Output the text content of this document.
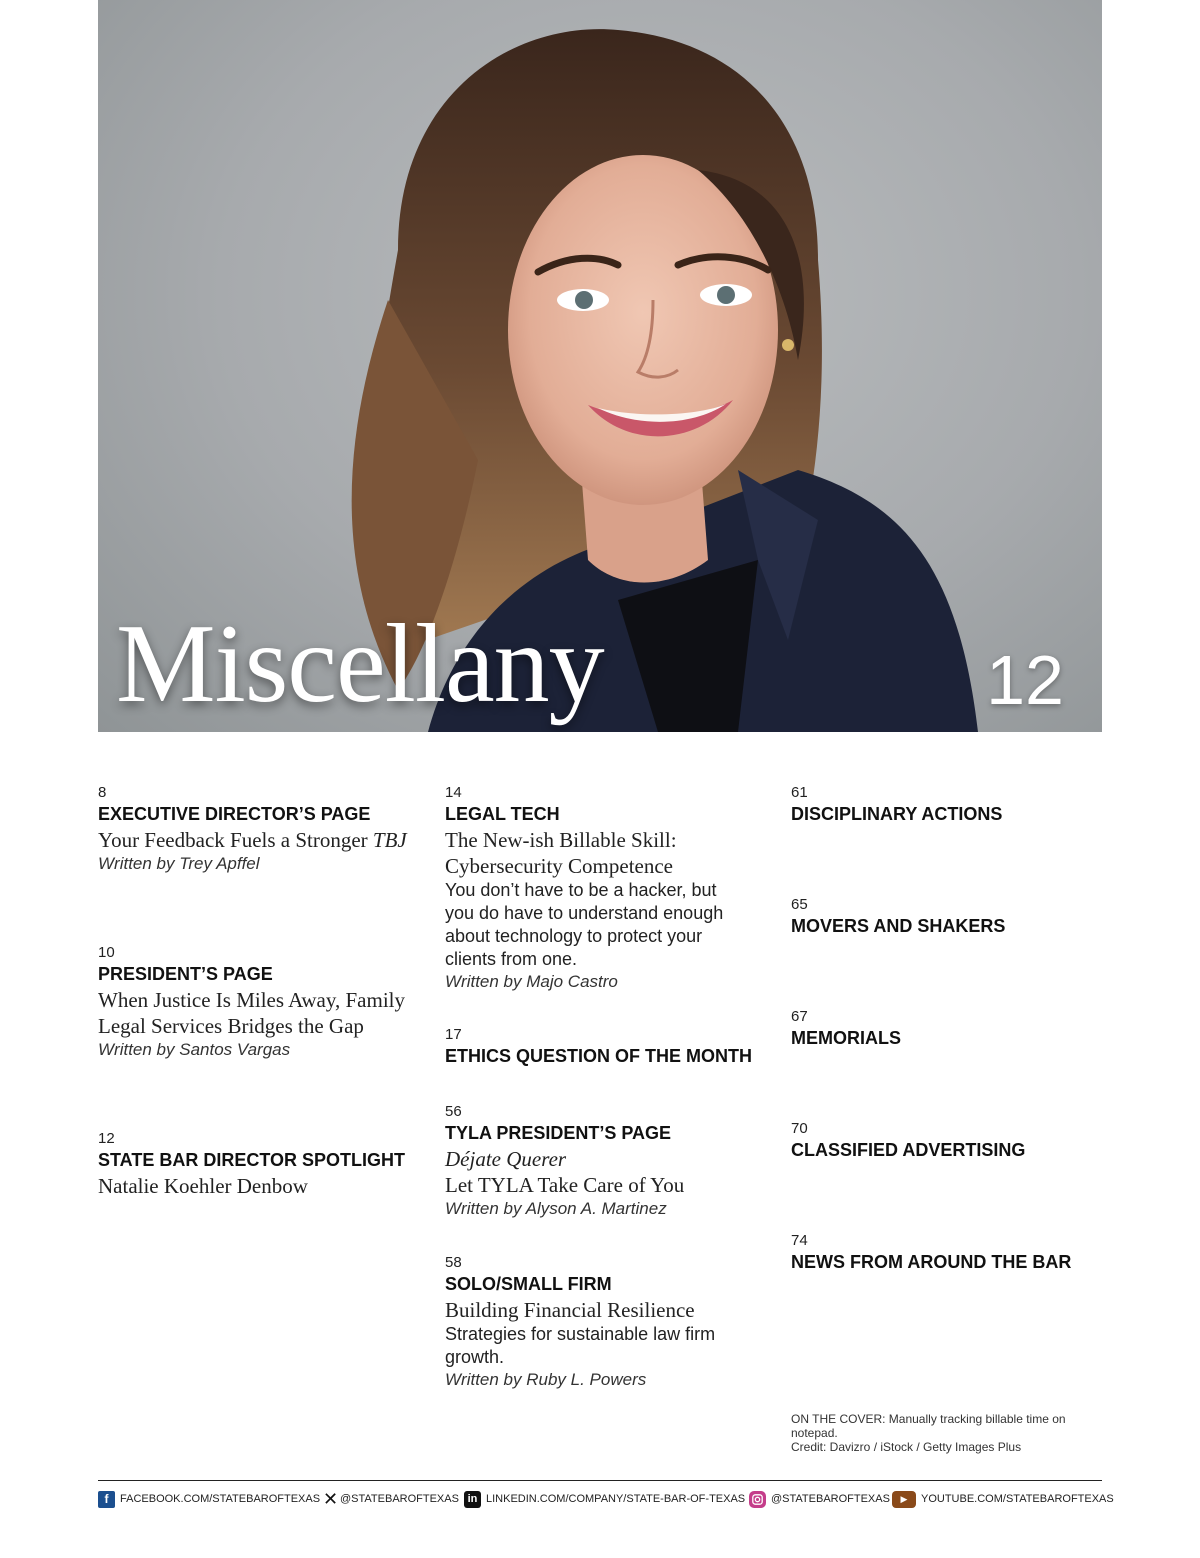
Miscellany	12
8
EXECUTIVE DIRECTOR’S PAGE
Your Feedback Fuels a Stronger TBJ
Written by Trey Apffel
10
PRESIDENT’S PAGE
When Justice Is Miles Away, Family Legal Services Bridges the Gap
Written by Santos Vargas
12
STATE BAR DIRECTOR SPOTLIGHT
Natalie Koehler Denbow
14
LEGAL TECH
The New-ish Billable Skill: Cybersecurity Competence
You don’t have to be a hacker, but you do have to understand enough about technology to protect your clients from one.
Written by Majo Castro
17
ETHICS QUESTION OF THE MONTH
56
TYLA PRESIDENT’S PAGE
Déjate Querer
Let TYLA Take Care of You
Written by Alyson A. Martinez
58
SOLO/SMALL FIRM
Building Financial Resilience
Strategies for sustainable law firm growth.
Written by Ruby L. Powers
61
DISCIPLINARY ACTIONS
65
MOVERS AND SHAKERS
67
MEMORIALS
70
CLASSIFIED ADVERTISING
74
NEWS FROM AROUND THE BAR
ON THE COVER: Manually tracking billable time on notepad.
Credit: Davizro / iStock / Getty Images Plus
f	FACEBOOK.COM/STATEBAROFTEXAS ✕ @STATEBAROFTEXAS in LINKEDIN.COM/COMPANY/STATE-BAR-OF-TEXAS @STATEBAROFTEXAS	▶	YOUTUBE.COM/STATEBAROFTEXAS
